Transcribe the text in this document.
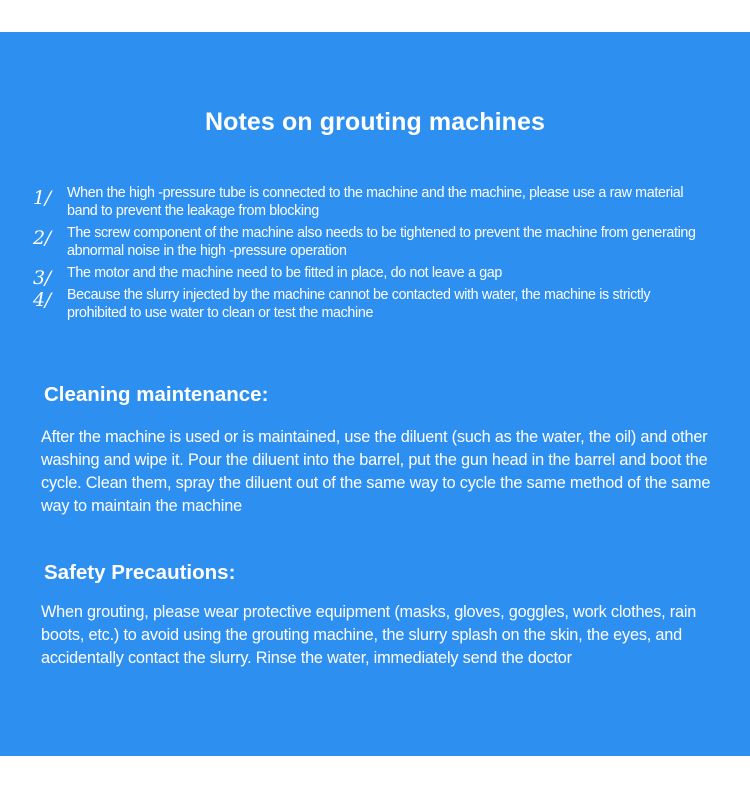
Notes on grouting machines
1/ When the high -pressure tube is connected to the machine and the machine, please use a raw material band to prevent the leakage from blocking
2/ The screw component of the machine also needs to be tightened to prevent the machine from generating abnormal noise in the high -pressure operation
3/ The motor and the machine need to be fitted in place, do not leave a gap
4/ Because the slurry injected by the machine cannot be contacted with water, the machine is strictly prohibited to use water to clean or test the machine
Cleaning maintenance:

After the machine is used or is maintained, use the diluent (such as the water, the oil) and other washing and wipe it. Pour the diluent into the barrel, put the gun head in the barrel and boot the cycle. Clean them, spray the diluent out of the same way to cycle the same method of the same way to maintain the machine

Safety Precautions:

When grouting, please wear protective equipment (masks, gloves, goggles, work clothes, rain boots, etc.) to avoid using the grouting machine, the slurry splash on the skin, the eyes, and accidentally contact the slurry. Rinse the water, immediately send the doctor
